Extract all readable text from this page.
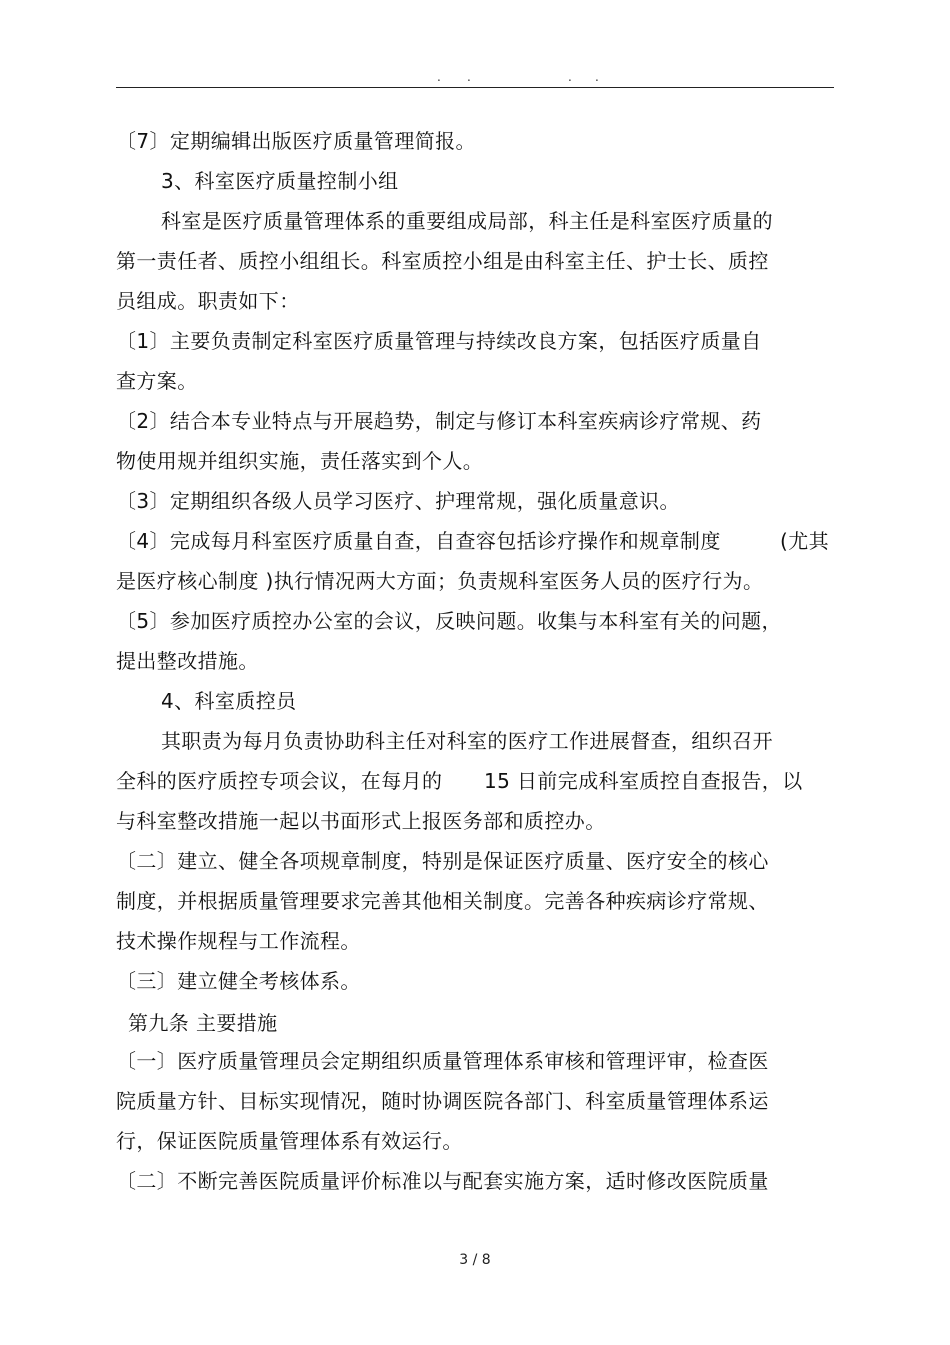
. .	. .
〔7〕定期编辑出版医疗质量管理简报。
3、科室医疗质量控制小组
科室是医疗质量管理体系的重要组成局部，科主任是科室医疗质量的
第一责任者、质控小组组长。科室质控小组是由科室主任、护士长、质控
员组成。职责如下：
〔1〕主要负责制定科室医疗质量管理与持续改良方案，包括医疗质量自
查方案。
〔2〕结合本专业特点与开展趋势，制定与修订本科室疾病诊疗常规、药
物使用规并组织实施，责任落实到个人。
〔3〕定期组织各级人员学习医疗、护理常规，强化质量意识。
〔4〕完成每月科室医疗质量自查，自查容包括诊疗操作和规章制度	(尤其
是医疗核心制度 )执行情况两大方面；负责规科室医务人员的医疗行为。
〔5〕参加医疗质控办公室的会议，反映问题。收集与本科室有关的问题，
提出整改措施。
4、科室质控员
其职责为每月负责协助科主任对科室的医疗工作进展督查，组织召开
全科的医疗质控专项会议，在每月的 15 日前完成科室质控自查报告，以
与科室整改措施一起以书面形式上报医务部和质控办。
〔二〕建立、健全各项规章制度，特别是保证医疗质量、医疗安全的核心
制度，并根据质量管理要求完善其他相关制度。完善各种疾病诊疗常规、
技术操作规程与工作流程。
〔三〕建立健全考核体系。
第九条 主要措施
〔一〕医疗质量管理员会定期组织质量管理体系审核和管理评审，检查医
院质量方针、目标实现情况，随时协调医院各部门、科室质量管理体系运
行，保证医院质量管理体系有效运行。
〔二〕不断完善医院质量评价标准以与配套实施方案，适时修改医院质量
3 / 8
